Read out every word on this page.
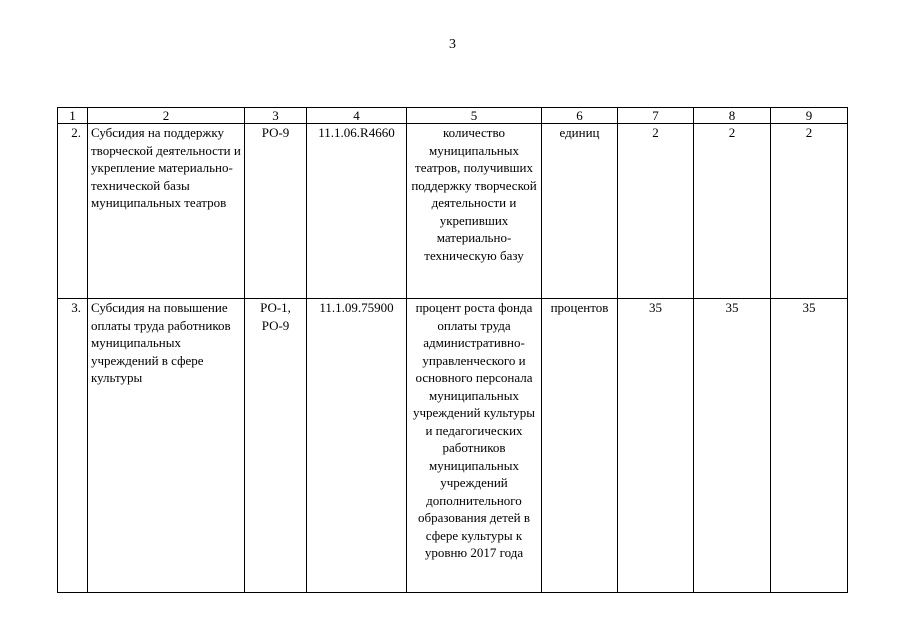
3
1	2	3	4	5	6	7	8	9
2.	Субсидия на поддержку творческой деятельности и укрепление материально-технической базы муниципальных театров	РО-9	11.1.06.R4660	количество муниципальных театров, получивших поддержку творческой деятельности и укрепивших материально-техническую базу	единиц	2	2	2
3.	Субсидия на повышение оплаты труда работников муниципальных учреждений в сфере культуры	РО-1, РО-9	11.1.09.75900	процент роста фонда оплаты труда административно-управленческого и основного персонала муниципальных учреждений культуры и педагогических работников муниципальных учреждений дополнительного образования детей в сфере культуры к уровню 2017 года	процентов	35	35	35
